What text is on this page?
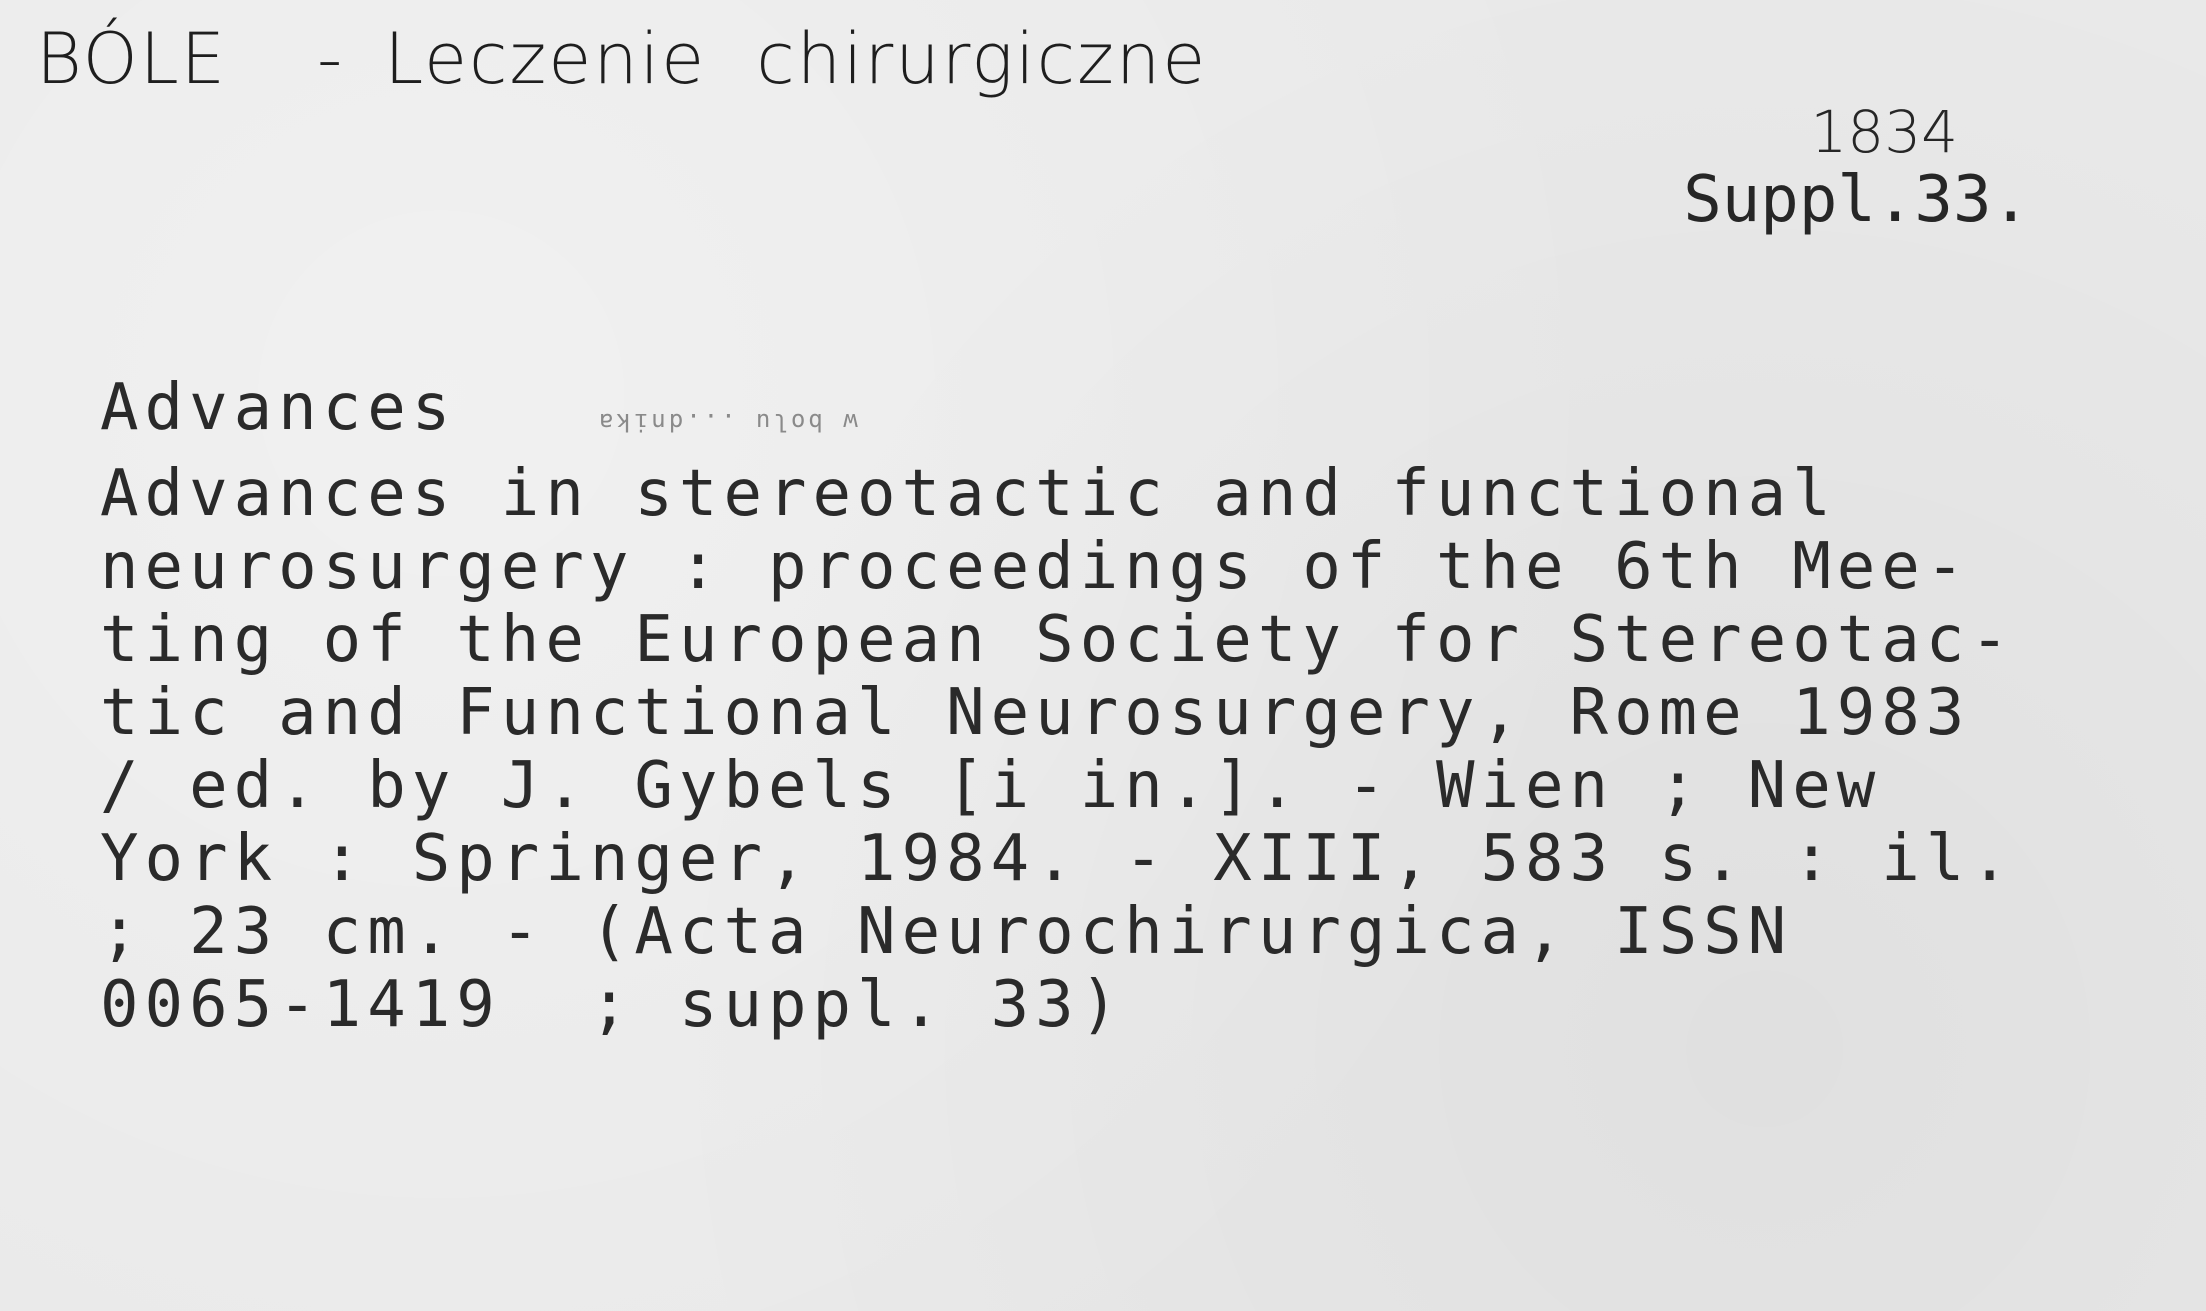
BÓLE - Leczenie chirurgiczne
1834
Suppl.33.
Advances	w bolu ...dnika
Advances in stereotactic and functional
neurosurgery : proceedings of the 6th Mee-
ting of the European Society for Stereotac-
tic and Functional Neurosurgery, Rome 1983
/ ed. by J. Gybels [i in.]. - Wien ; New
York : Springer, 1984. - XIII, 583 s. : il.
; 23 cm. - (Acta Neurochirurgica, ISSN
0065-1419  ; suppl. 33)
